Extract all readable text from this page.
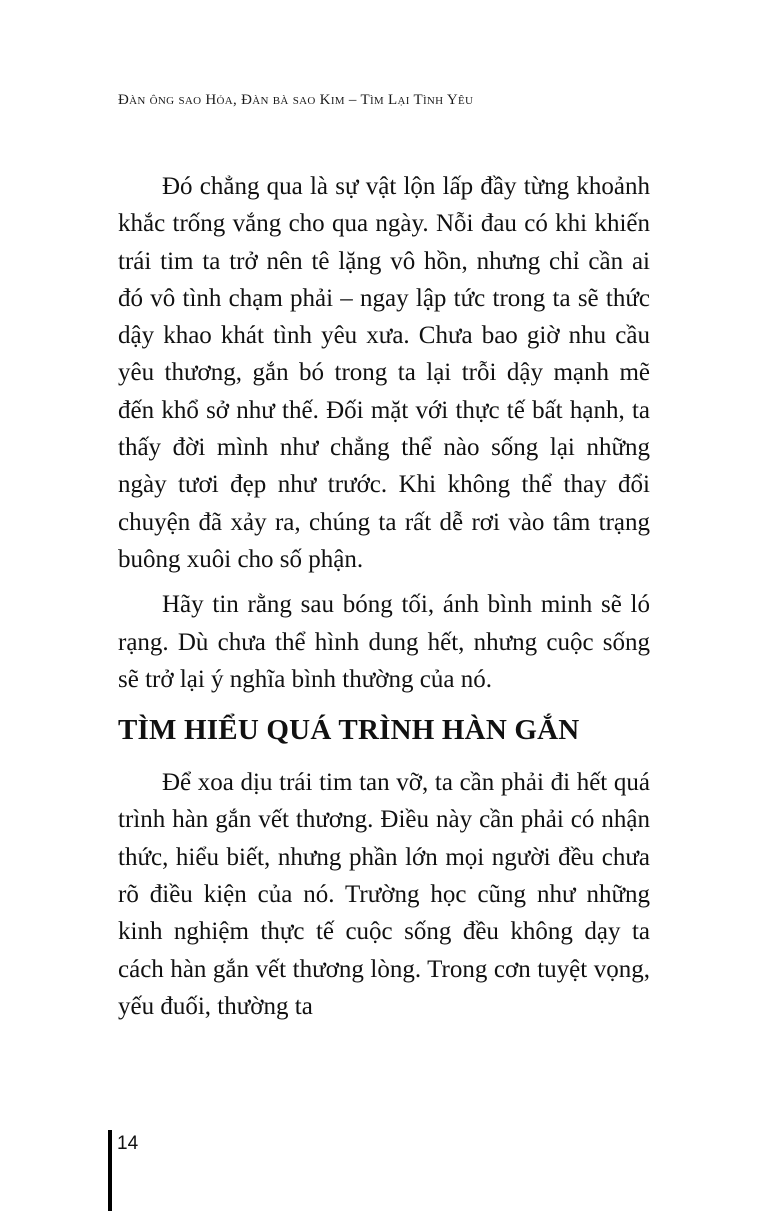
Đàn ông sao Hỏa, Đàn bà sao Kim – Tìm Lại Tình Yêu

Đó chẳng qua là sự vật lộn lấp đầy từng khoảnh khắc trống vắng cho qua ngày. Nỗi đau có khi khiến trái tim ta trở nên tê lặng vô hồn, nhưng chỉ cần ai đó vô tình chạm phải – ngay lập tức trong ta sẽ thức dậy khao khát tình yêu xưa. Chưa bao giờ nhu cầu yêu thương, gắn bó trong ta lại trỗi dậy mạnh mẽ đến khổ sở như thế. Đối mặt với thực tế bất hạnh, ta thấy đời mình như chẳng thể nào sống lại những ngày tươi đẹp như trước. Khi không thể thay đổi chuyện đã xảy ra, chúng ta rất dễ rơi vào tâm trạng buông xuôi cho số phận.

Hãy tin rằng sau bóng tối, ánh bình minh sẽ ló rạng. Dù chưa thể hình dung hết, nhưng cuộc sống sẽ trở lại ý nghĩa bình thường của nó.

TÌM HIỂU QUÁ TRÌNH HÀN GẮN

Để xoa dịu trái tim tan vỡ, ta cần phải đi hết quá trình hàn gắn vết thương. Điều này cần phải có nhận thức, hiểu biết, nhưng phần lớn mọi người đều chưa rõ điều kiện của nó. Trường học cũng như những kinh nghiệm thực tế cuộc sống đều không dạy ta cách hàn gắn vết thương lòng. Trong cơn tuyệt vọng, yếu đuối, thường ta

14
